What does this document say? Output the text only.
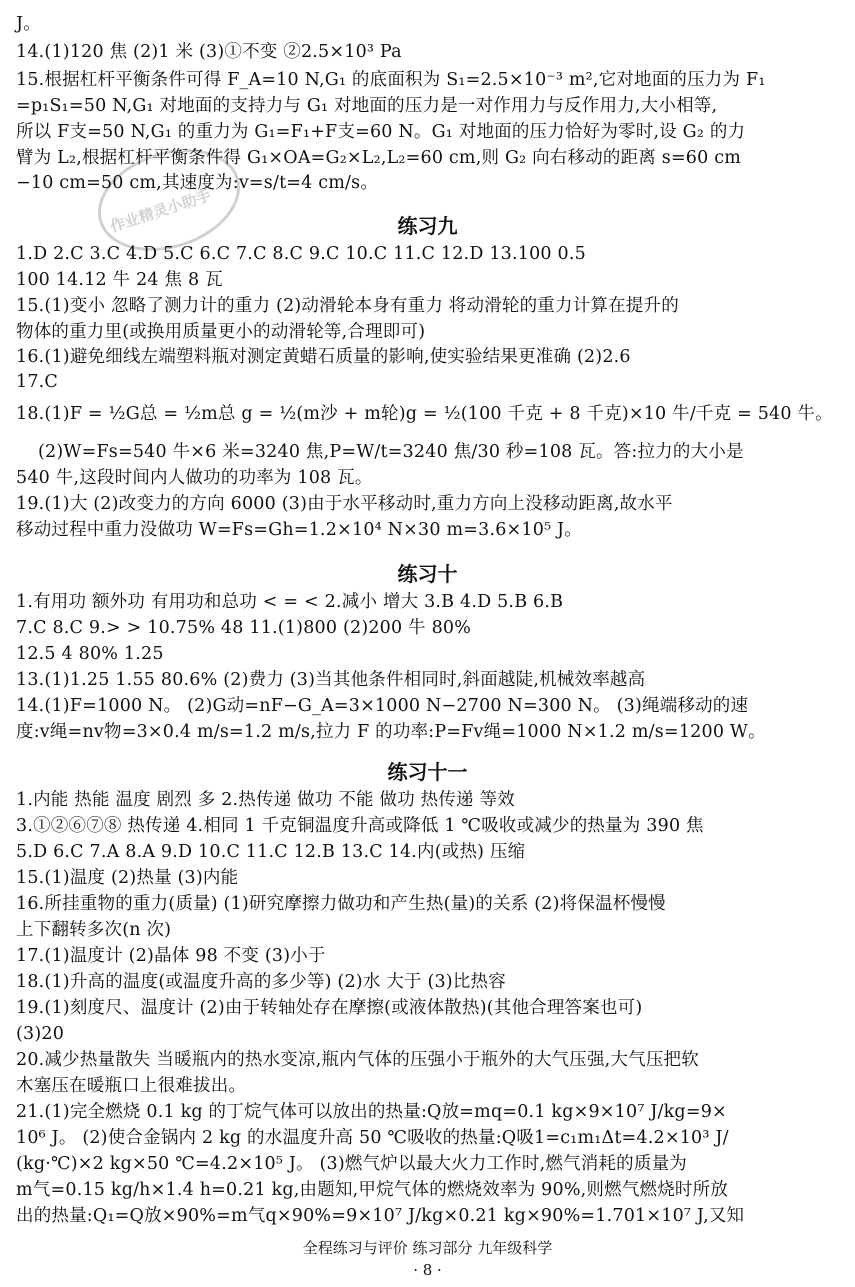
作业精灵小助手
J。
14.(1)120 焦 (2)1 米 (3)①不变 ②2.5×10³ Pa
15.根据杠杆平衡条件可得 F_A=10 N,G₁ 的底面积为 S₁=2.5×10⁻³ m²,它对地面的压力为 F₁
=p₁S₁=50 N,G₁ 对地面的支持力与 G₁ 对地面的压力是一对作用力与反作用力,大小相等,
所以 F支=50 N,G₁ 的重力为 G₁=F₁+F支=60 N。G₁ 对地面的压力恰好为零时,设 G₂ 的力
臂为 L₂,根据杠杆平衡条件得 G₁×OA=G₂×L₂,L₂=60 cm,则 G₂ 向右移动的距离 s=60 cm
−10 cm=50 cm,其速度为:v=s/t=4 cm/s。
练习九
1.D 2.C 3.C 4.D 5.C 6.C 7.C 8.C 9.C 10.C 11.C 12.D 13.100 0.5
100 14.12 牛 24 焦 8 瓦
15.(1)变小 忽略了测力计的重力 (2)动滑轮本身有重力 将动滑轮的重力计算在提升的
物体的重力里(或换用质量更小的动滑轮等,合理即可)
16.(1)避免细线左端塑料瓶对测定黄蜡石质量的影响,使实验结果更准确 (2)2.6
17.C
18.(1)F = ½G总 = ½m总 g = ½(m沙 + m轮)g = ½(100 千克 + 8 千克)×10 牛/千克 = 540 牛。
(2)W=Fs=540 牛×6 米=3240 焦,P=W/t=3240 焦/30 秒=108 瓦。答:拉力的大小是
540 牛,这段时间内人做功的功率为 108 瓦。
19.(1)大 (2)改变力的方向 6000 (3)由于水平移动时,重力方向上没移动距离,故水平
移动过程中重力没做功 W=Fs=Gh=1.2×10⁴ N×30 m=3.6×10⁵ J。
练习十
1.有用功 额外功 有用功和总功 < = < 2.减小 增大 3.B 4.D 5.B 6.B
7.C 8.C 9.> > 10.75% 48 11.(1)800 (2)200 牛 80%
12.5 4 80% 1.25
13.(1)1.25 1.55 80.6% (2)费力 (3)当其他条件相同时,斜面越陡,机械效率越高
14.(1)F=1000 N。 (2)G动=nF−G_A=3×1000 N−2700 N=300 N。 (3)绳端移动的速
度:v绳=nv物=3×0.4 m/s=1.2 m/s,拉力 F 的功率:P=Fv绳=1000 N×1.2 m/s=1200 W。
练习十一
1.内能 热能 温度 剧烈 多 2.热传递 做功 不能 做功 热传递 等效
3.①②⑥⑦⑧ 热传递 4.相同 1 千克铜温度升高或降低 1 ℃吸收或减少的热量为 390 焦
5.D 6.C 7.A 8.A 9.D 10.C 11.C 12.B 13.C 14.内(或热) 压缩
15.(1)温度 (2)热量 (3)内能
16.所挂重物的重力(质量) (1)研究摩擦力做功和产生热(量)的关系 (2)将保温杯慢慢
上下翻转多次(n 次)
17.(1)温度计 (2)晶体 98 不变 (3)小于
18.(1)升高的温度(或温度升高的多少等) (2)水 大于 (3)比热容
19.(1)刻度尺、温度计 (2)由于转轴处存在摩擦(或液体散热)(其他合理答案也可)
(3)20
20.减少热量散失 当暖瓶内的热水变凉,瓶内气体的压强小于瓶外的大气压强,大气压把软
木塞压在暖瓶口上很难拔出。
21.(1)完全燃烧 0.1 kg 的丁烷气体可以放出的热量:Q放=mq=0.1 kg×9×10⁷ J/kg=9×
10⁶ J。 (2)使合金锅内 2 kg 的水温度升高 50 ℃吸收的热量:Q吸1=c₁m₁Δt=4.2×10³ J/
(kg·℃)×2 kg×50 ℃=4.2×10⁵ J。 (3)燃气炉以最大火力工作时,燃气消耗的质量为
m气=0.15 kg/h×1.4 h=0.21 kg,由题知,甲烷气体的燃烧效率为 90%,则燃气燃烧时所放
出的热量:Q₁=Q放×90%=m气q×90%=9×10⁷ J/kg×0.21 kg×90%=1.701×10⁷ J,又知
全程练习与评价 练习部分 九年级科学
· 8 ·
